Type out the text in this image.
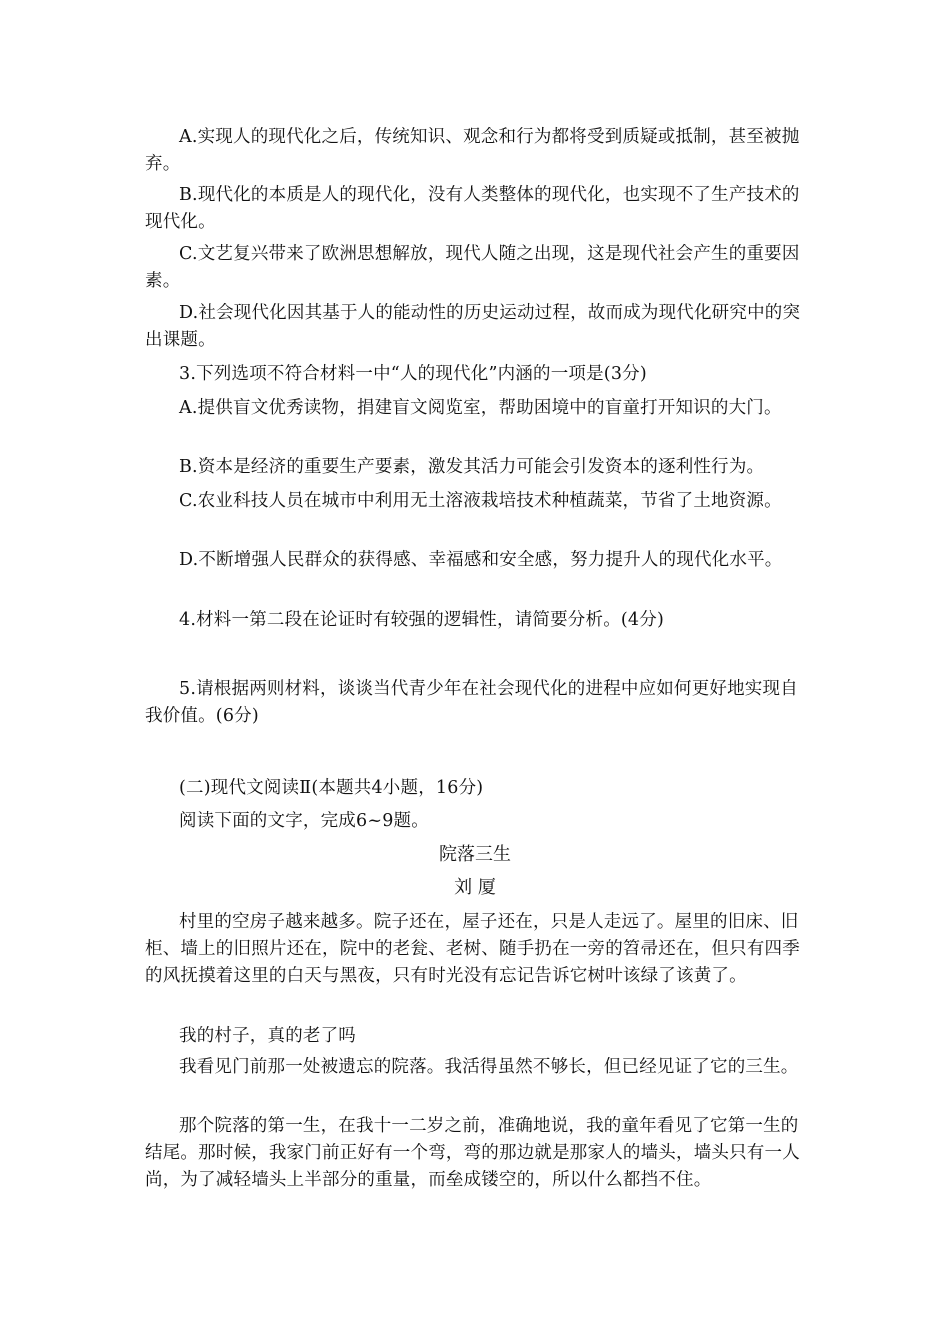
A.实现人的现代化之后，传统知识、观念和行为都将受到质疑或抵制，甚至被抛弃。

B.现代化的本质是人的现代化，没有人类整体的现代化，也实现不了生产技术的现代化。

C.文艺复兴带来了欧洲思想解放，现代人随之出现，这是现代社会产生的重要因素。

D.社会现代化因其基于人的能动性的历史运动过程，故而成为现代化研究中的突出课题。

3.下列选项不符合材料一中“人的现代化”内涵的一项是(3分)

A.提供盲文优秀读物，捐建盲文阅览室，帮助困境中的盲童打开知识的大门。

B.资本是经济的重要生产要素，激发其活力可能会引发资本的逐利性行为。

C.农业科技人员在城市中利用无土溶液栽培技术种植蔬菜，节省了土地资源。

D.不断增强人民群众的获得感、幸福感和安全感，努力提升人的现代化水平。

4.材料一第二段在论证时有较强的逻辑性，请简要分析。(4分)

5.请根据两则材料，谈谈当代青少年在社会现代化的进程中应如何更好地实现自我价值。(6分)

(二)现代文阅读Ⅱ(本题共4小题，16分)

阅读下面的文字，完成6~9题。

院落三生

刘 厦

村里的空房子越来越多。院子还在，屋子还在，只是人走远了。屋里的旧床、旧柜、墙上的旧照片还在，院中的老瓮、老树、随手扔在一旁的笤帚还在，但只有四季的风抚摸着这里的白天与黑夜，只有时光没有忘记告诉它树叶该绿了该黄了。

我的村子，真的老了吗

我看见门前那一处被遗忘的院落。我活得虽然不够长，但已经见证了它的三生。

那个院落的第一生，在我十一二岁之前，准确地说，我的童年看见了它第一生的结尾。那时候，我家门前正好有一个弯，弯的那边就是那家人的墙头，墙头只有一人尚，为了减轻墙头上半部分的重量，而垒成镂空的，所以什么都挡不住。
